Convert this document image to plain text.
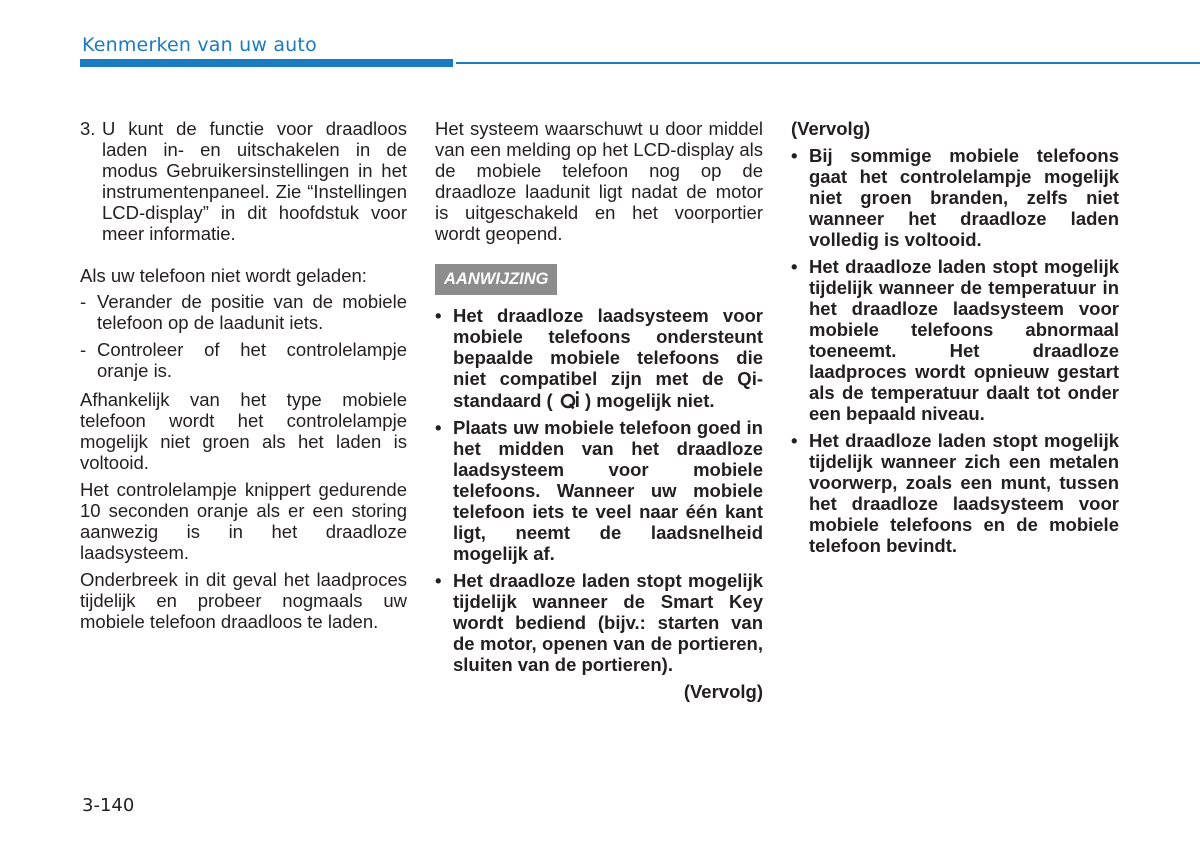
Kenmerken van uw auto
3. U kunt de functie voor draadloos laden in- en uitschakelen in de modus Gebruikersinstellingen in het instrumentenpaneel. Zie “Instellingen LCD-display” in dit hoofdstuk voor meer informatie.

Als uw telefoon niet wordt geladen:

- Verander de positie van de mobiele telefoon op de laadunit iets.
- Controleer of het controlelampje oranje is.

Afhankelijk van het type mobiele telefoon wordt het controlelampje mogelijk niet groen als het laden is voltooid.

Het controlelampje knippert gedurende 10 seconden oranje als er een storing aanwezig is in het draadloze laadsysteem.

Onderbreek in dit geval het laadproces tijdelijk en probeer nogmaals uw mobiele telefoon draadloos te laden.

Het systeem waarschuwt u door middel van een melding op het LCD-display als de mobiele telefoon nog op de draadloze laadunit ligt nadat de motor is uitgeschakeld en het voorportier wordt geopend.

AANWIJZING
• Het draadloze laadsysteem voor mobiele telefoons ondersteunt bepaalde mobiele telefoons die niet compatibel zijn met de Qi-standaard ( ) mogelijk niet.
• Plaats uw mobiele telefoon goed in het midden van het draadloze laadsysteem voor mobiele telefoons. Wanneer uw mobiele telefoon iets te veel naar één kant ligt, neemt de laadsnelheid mogelijk af.
• Het draadloze laden stopt mogelijk tijdelijk wanneer de Smart Key wordt bediend (bijv.: starten van de motor, openen van de portieren, sluiten van de portieren).

(Vervolg)

(Vervolg)

• Bij sommige mobiele telefoons gaat het controlelampje mogelijk niet groen branden, zelfs niet wanneer het draadloze laden volledig is voltooid.
• Het draadloze laden stopt mogelijk tijdelijk wanneer de temperatuur in het draadloze laadsysteem voor mobiele telefoons abnormaal toeneemt. Het draadloze laadproces wordt opnieuw gestart als de temperatuur daalt tot onder een bepaald niveau.
• Het draadloze laden stopt mogelijk tijdelijk wanneer zich een metalen voorwerp, zoals een munt, tussen het draadloze laadsysteem voor mobiele telefoons en de mobiele telefoon bevindt.
3-140
